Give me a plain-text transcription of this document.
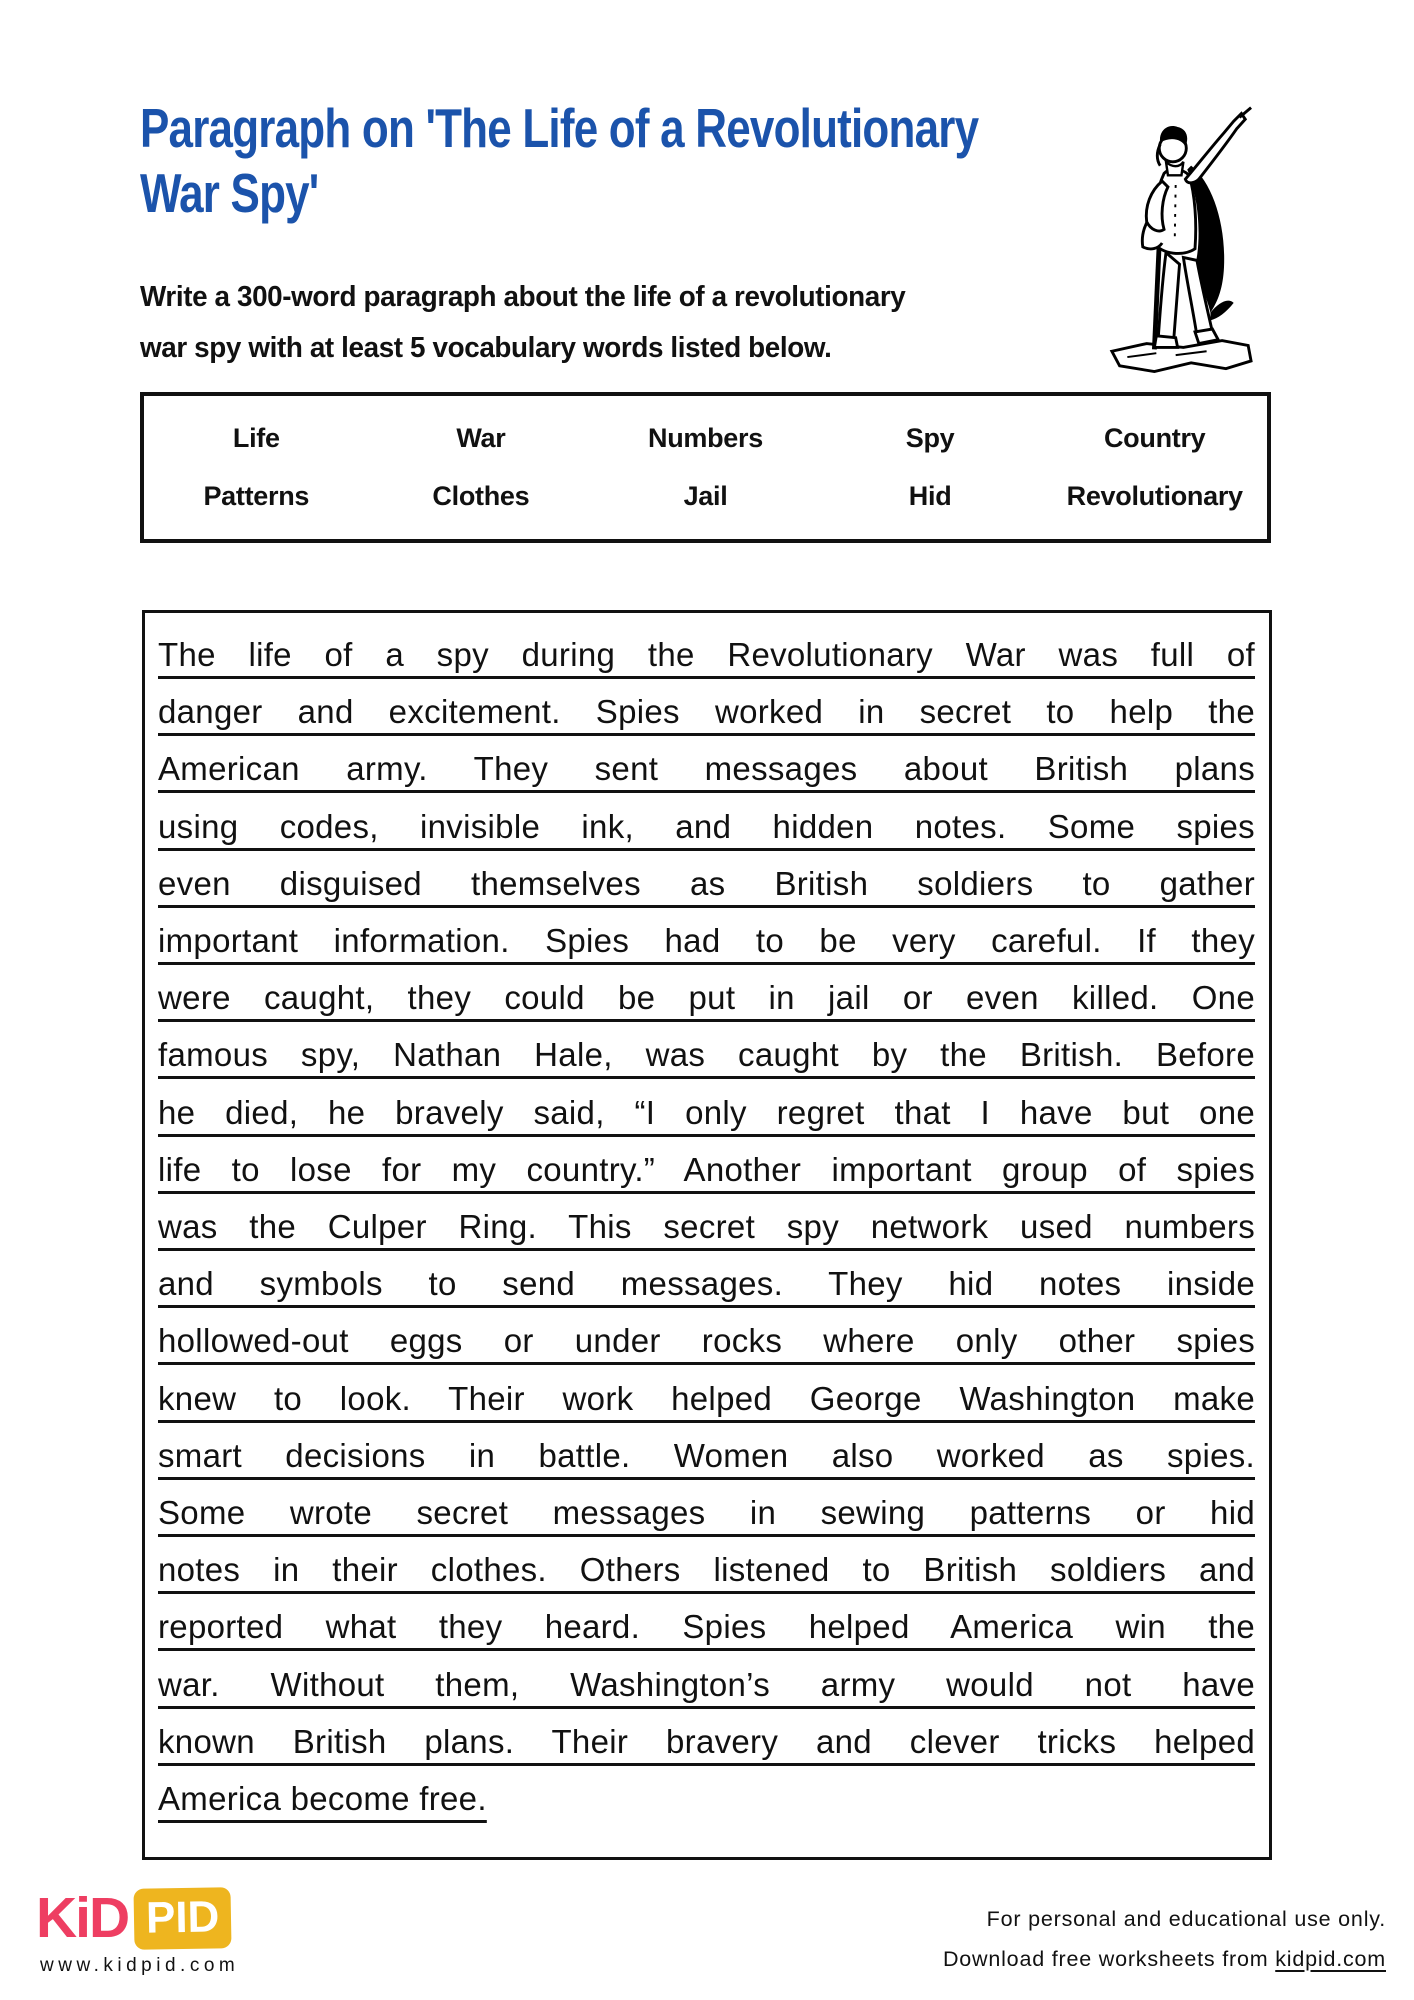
Paragraph on 'The Life of a Revolutionary
War Spy'
Write a 300-word paragraph about the life of a revolutionary
war spy with at least 5 vocabulary words listed below.
Life	War	Numbers	Spy	Country
Patterns	Clothes	Jail	Hid	Revolutionary
The life of a spy during the Revolutionary War was full of
danger and excitement. Spies worked in secret to help the
American army. They sent messages about British plans
using codes, invisible ink, and hidden notes. Some spies
even disguised themselves as British soldiers to gather
important information. Spies had to be very careful. If they
were caught, they could be put in jail or even killed. One
famous spy, Nathan Hale, was caught by the British. Before
he died, he bravely said, “I only regret that I have but one
life to lose for my country.” Another important group of spies
was the Culper Ring. This secret spy network used numbers
and symbols to send messages. They hid notes inside
hollowed-out eggs or under rocks where only other spies
knew to look. Their work helped George Washington make
smart decisions in battle. Women also worked as spies.
Some wrote secret messages in sewing patterns or hid
notes in their clothes. Others listened to British soldiers and
reported what they heard. Spies helped America win the
war. Without them, Washington’s army would not have
known British plans. Their bravery and clever tricks helped
America become free.
KiD PID
www.kidpid.com
For personal and educational use only.
Download free worksheets from kidpid.com
